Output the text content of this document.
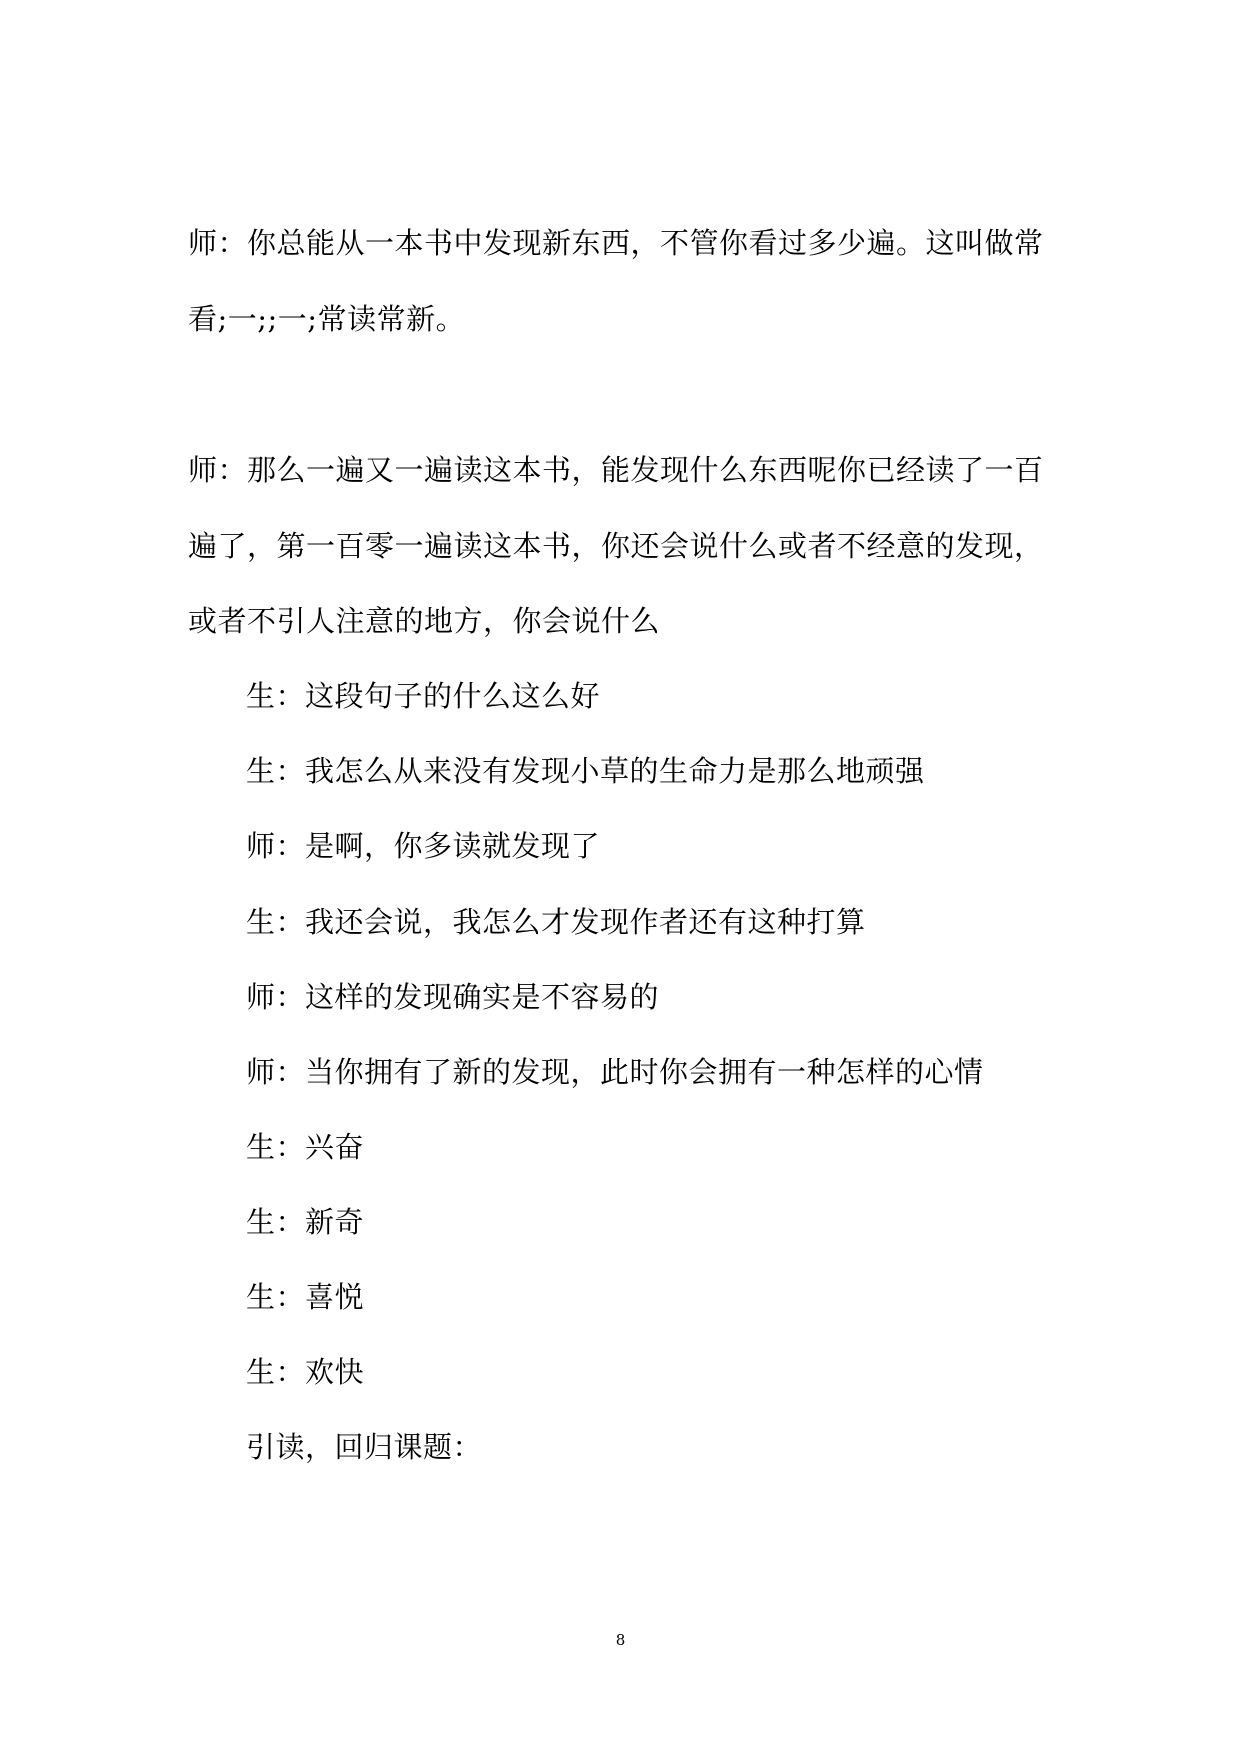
师：你总能从一本书中发现新东西，不管你看过多少遍。这叫做常
看;一;;一;常读常新。
师：那么一遍又一遍读这本书，能发现什么东西呢你已经读了一百
遍了，第一百零一遍读这本书，你还会说什么或者不经意的发现，
或者不引人注意的地方，你会说什么
生：这段句子的什么这么好
生：我怎么从来没有发现小草的生命力是那么地顽强
师：是啊，你多读就发现了
生：我还会说，我怎么才发现作者还有这种打算
师：这样的发现确实是不容易的
师：当你拥有了新的发现，此时你会拥有一种怎样的心情
生：兴奋
生：新奇
生：喜悦
生：欢快
引读，回归课题：
8
